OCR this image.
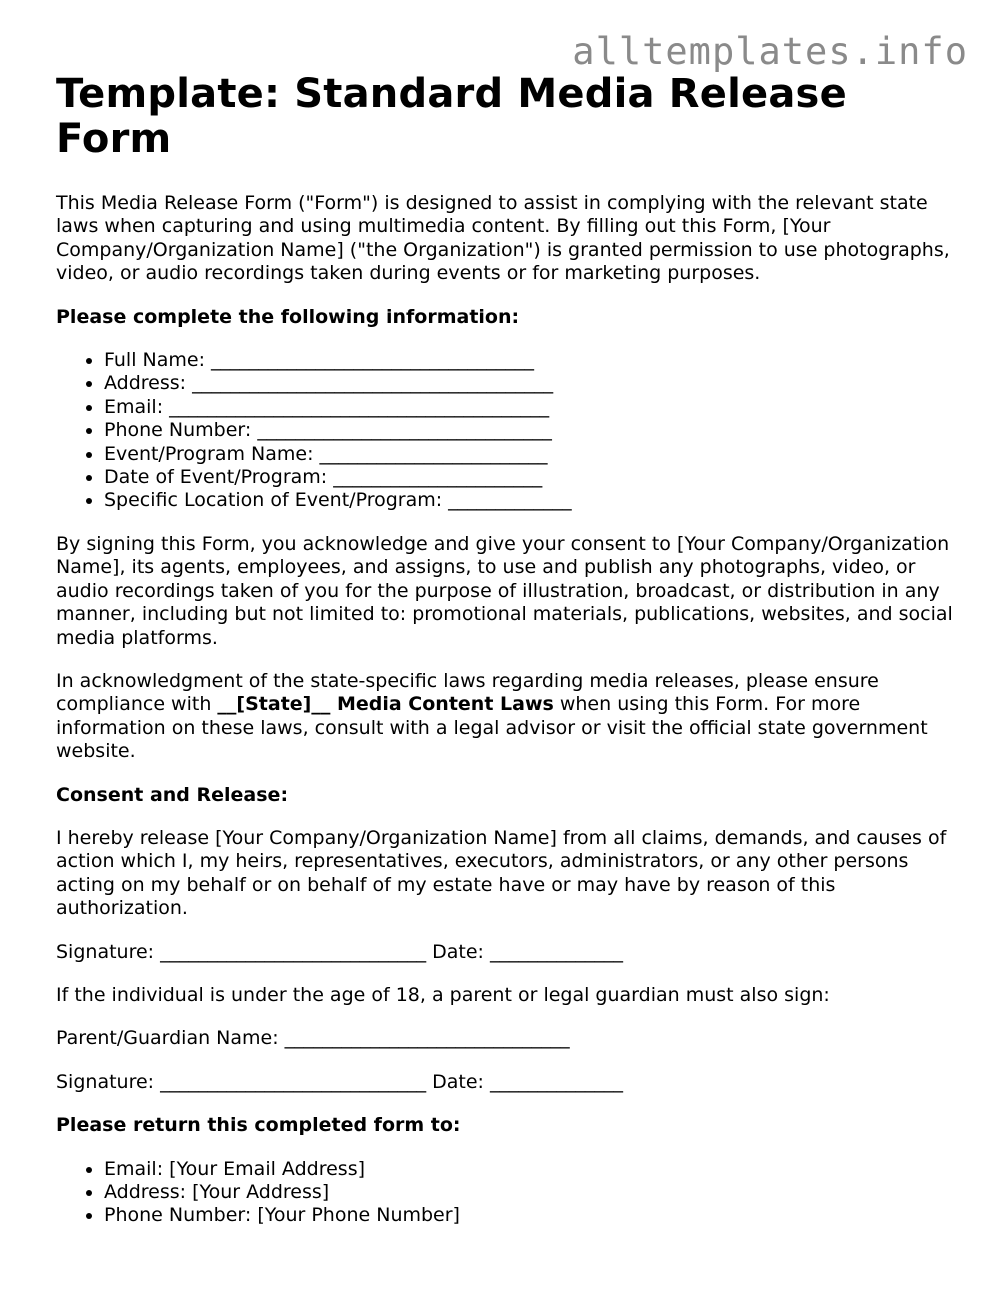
alltemplates.info
Template: Standard Media Release Form

This Media Release Form ("Form") is designed to assist in complying with the relevant state laws when capturing and using multimedia content. By filling out this Form, [Your Company/Organization Name] ("the Organization") is granted permission to use photographs, video, or audio recordings taken during events or for marketing purposes.

Please complete the following information:

• Full Name: __________________________________
• Address: ______________________________________
• Email: ________________________________________
• Phone Number: _______________________________
• Event/Program Name: ________________________
• Date of Event/Program: ______________________
• Specific Location of Event/Program: _____________

By signing this Form, you acknowledge and give your consent to [Your Company/Organization Name], its agents, employees, and assigns, to use and publish any photographs, video, or audio recordings taken of you for the purpose of illustration, broadcast, or distribution in any manner, including but not limited to: promotional materials, publications, websites, and social media platforms.

In acknowledgment of the state-specific laws regarding media releases, please ensure compliance with __[State]__ Media Content Laws when using this Form. For more information on these laws, consult with a legal advisor or visit the official state government website.

Consent and Release:

I hereby release [Your Company/Organization Name] from all claims, demands, and causes of action which I, my heirs, representatives, executors, administrators, or any other persons acting on my behalf or on behalf of my estate have or may have by reason of this authorization.

Signature: ____________________________ Date: ______________

If the individual is under the age of 18, a parent or legal guardian must also sign:

Parent/Guardian Name: ______________________________

Signature: ____________________________ Date: ______________

Please return this completed form to:

• Email: [Your Email Address]
• Address: [Your Address]
• Phone Number: [Your Phone Number]
